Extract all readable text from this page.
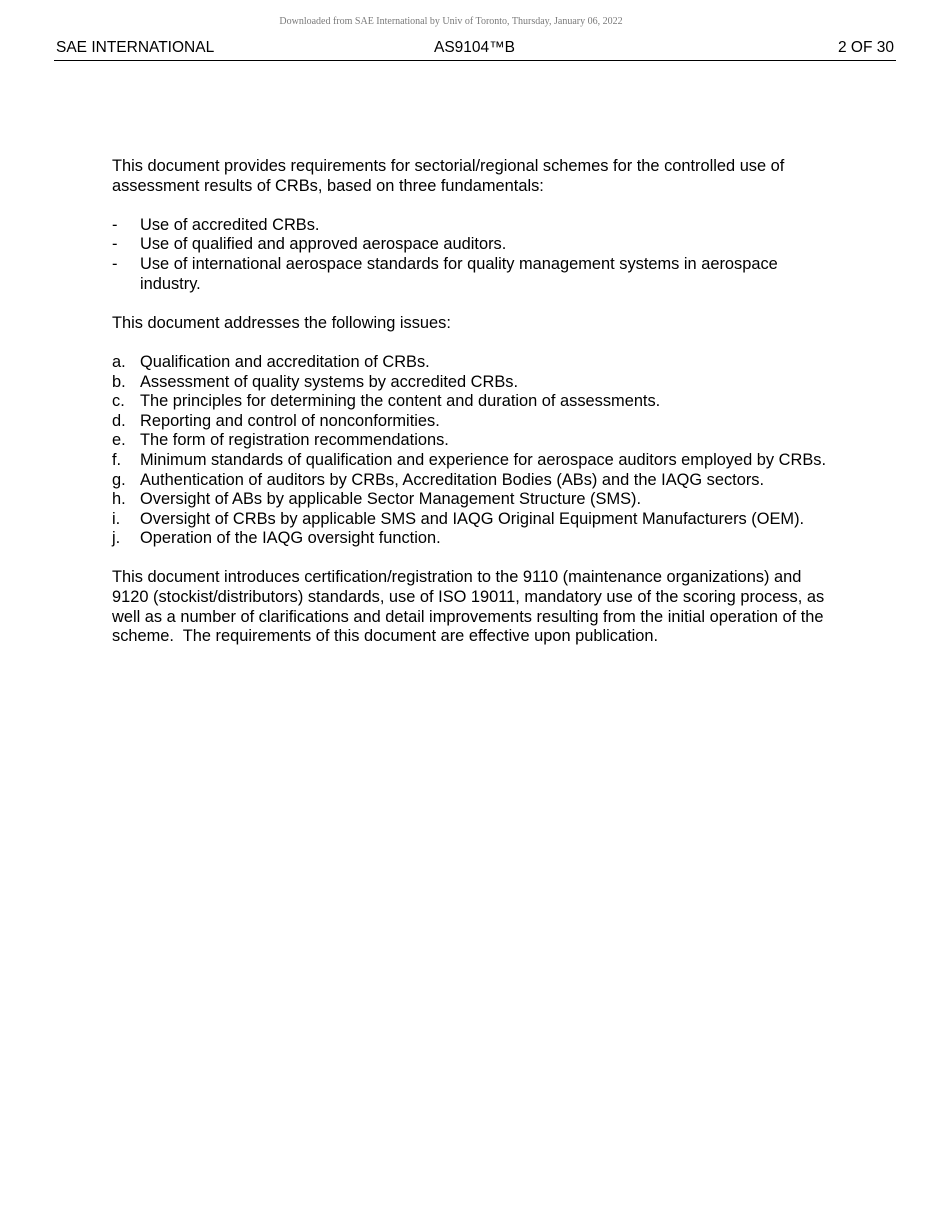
Downloaded from SAE International by Univ of Toronto, Thursday, January 06, 2022
SAE INTERNATIONAL	AS9104™B	2 OF 30

This document provides requirements for sectorial/regional schemes for the controlled use of assessment results of CRBs, based on three fundamentals:

- Use of accredited CRBs.
- Use of qualified and approved aerospace auditors.
- Use of international aerospace standards for quality management systems in aerospace industry.

This document addresses the following issues:

a. Qualification and accreditation of CRBs.
b. Assessment of quality systems by accredited CRBs.
c. The principles for determining the content and duration of assessments.
d. Reporting and control of nonconformities.
e. The form of registration recommendations.
f. Minimum standards of qualification and experience for aerospace auditors employed by CRBs.
g. Authentication of auditors by CRBs, Accreditation Bodies (ABs) and the IAQG sectors.
h. Oversight of ABs by applicable Sector Management Structure (SMS).
i. Oversight of CRBs by applicable SMS and IAQG Original Equipment Manufacturers (OEM).
j. Operation of the IAQG oversight function.

This document introduces certification/registration to the 9110 (maintenance organizations) and 9120 (stockist/distributors) standards, use of ISO 19011, mandatory use of the scoring process, as well as a number of clarifications and detail improvements resulting from the initial operation of the scheme.  The requirements of this document are effective upon publication.
